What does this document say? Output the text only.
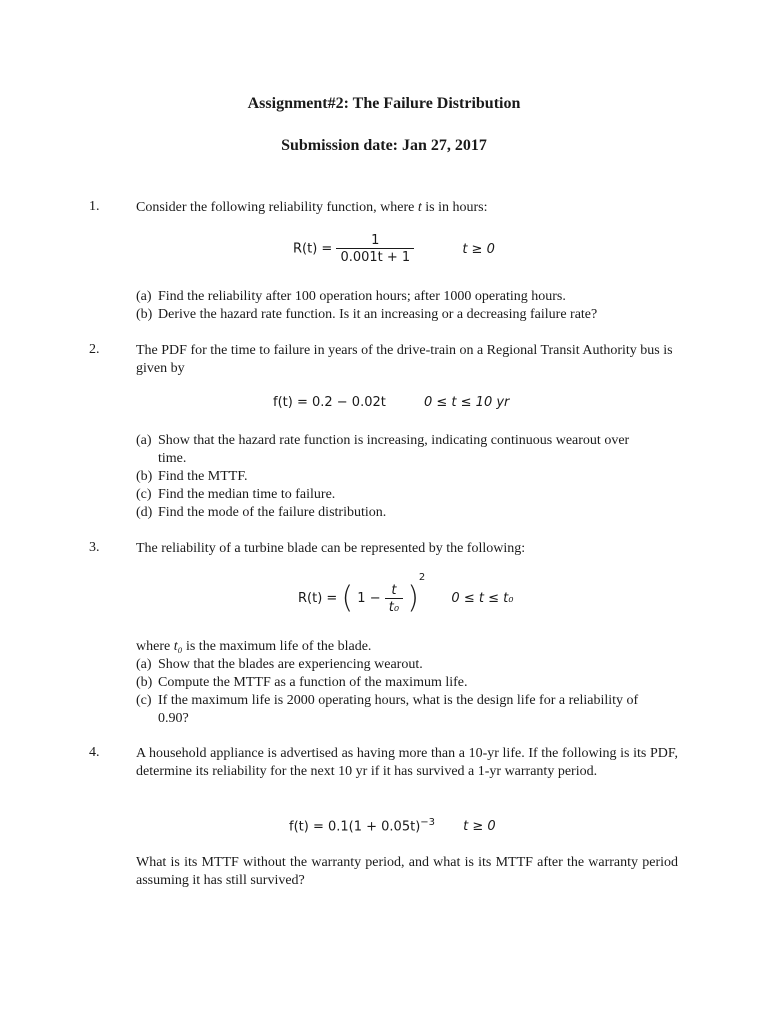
Assignment#2: The Failure Distribution
Submission date: Jan 27, 2017
1.	Consider the following reliability function, where t is in hours:
$R(t) = \frac{1}{0.001t + 1}$	t ≥ 0
(a) Find the reliability after 100 operation hours; after 1000 operating hours.
(b) Derive the hazard rate function. Is it an increasing or a decreasing failure rate?
2.	The PDF for the time to failure in years of the drive-train on a Regional Transit Authority bus is given by
f(t) = 0.2 − 0.02t	0 ≤ t ≤ 10 yr
(a) Show that the hazard rate function is increasing, indicating continuous wearout over
time.
(b) Find the MTTF.
(c) Find the median time to failure.
(d) Find the mode of the failure distribution.
3.	The reliability of a turbine blade can be represented by the following:
R(t) = ( $1 - \frac{t}{\text{t₀}} )^2$ 0 ≤ t ≤ t₀
where t₀ is the maximum life of the blade.
(a) Show that the blades are experiencing wearout.
(b) Compute the MTTF as a function of the maximum life.
(c) If the maximum life is 2000 operating hours, what is the design life for a reliability of
0.90?
4.	A household appliance is advertised as having more than a 10-yr life. If the following is its PDF, determine its reliability for the next 10 yr if it has survived a 1-yr warranty period.
$f(t) = 0.1(1 + 0.05t)^{-3}$ t ≥ 0
What is its MTTF without the warranty period, and what is its MTTF after the warranty period assuming it has still survived?
